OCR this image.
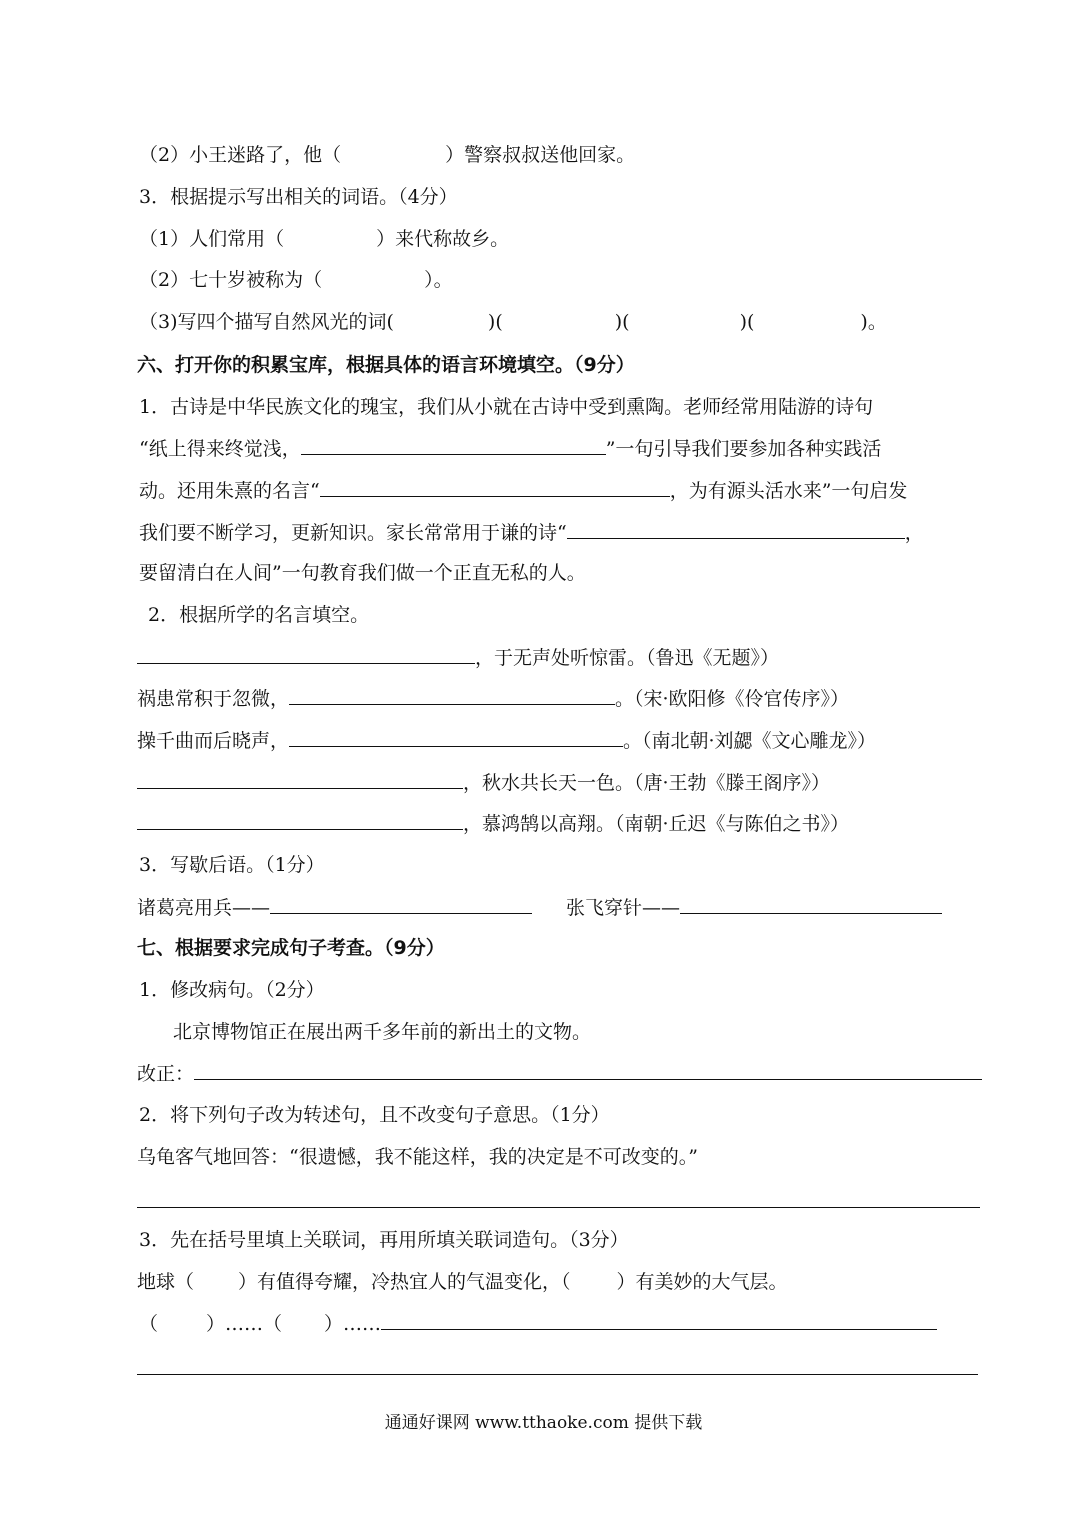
（2）小王迷路了，他（	）警察叔叔送他回家。
3．根据提示写出相关的词语。（4分）
（1）人们常用（	）来代称故乡。
（2）七十岁被称为（	）。
（3)写四个描写自然风光的词(	)(	)(	)(	)。
六、打开你的积累宝库，根据具体的语言环境填空。（9分）
1．古诗是中华民族文化的瑰宝，我们从小就在古诗中受到熏陶。老师经常用陆游的诗句
“纸上得来终觉浅，	”一句引导我们要参加各种实践活
动。还用朱熹的名言“	，为有源头活水来”一句启发
我们要不断学习，更新知识。家长常常用于谦的诗“	，
要留清白在人间”一句教育我们做一个正直无私的人。
2．根据所学的名言填空。
，于无声处听惊雷。（鲁迅《无题》）
祸患常积于忽微，	。（宋·欧阳修《伶官传序》）
操千曲而后晓声，	。（南北朝·刘勰《文心雕龙》）
，秋水共长天一色。（唐·王勃《滕王阁序》）
，慕鸿鹄以高翔。（南朝·丘迟《与陈伯之书》）
3．写歇后语。（1分）
诸葛亮用兵——	张飞穿针——
七、根据要求完成句子考查。（9分）
1．修改病句。（2分）
北京博物馆正在展出两千多年前的新出土的文物。
改正：
2．将下列句子改为转述句，且不改变句子意思。（1分）
乌龟客气地回答：“很遗憾，我不能这样，我的决定是不可改变的。”
3．先在括号里填上关联词，再用所填关联词造句。（3分）
地球（ ）有值得夸耀，冷热宜人的气温变化，（ ）有美妙的大气层。
（	）……（ ）……
通通好课网 www.tthaoke.com 提供下载
